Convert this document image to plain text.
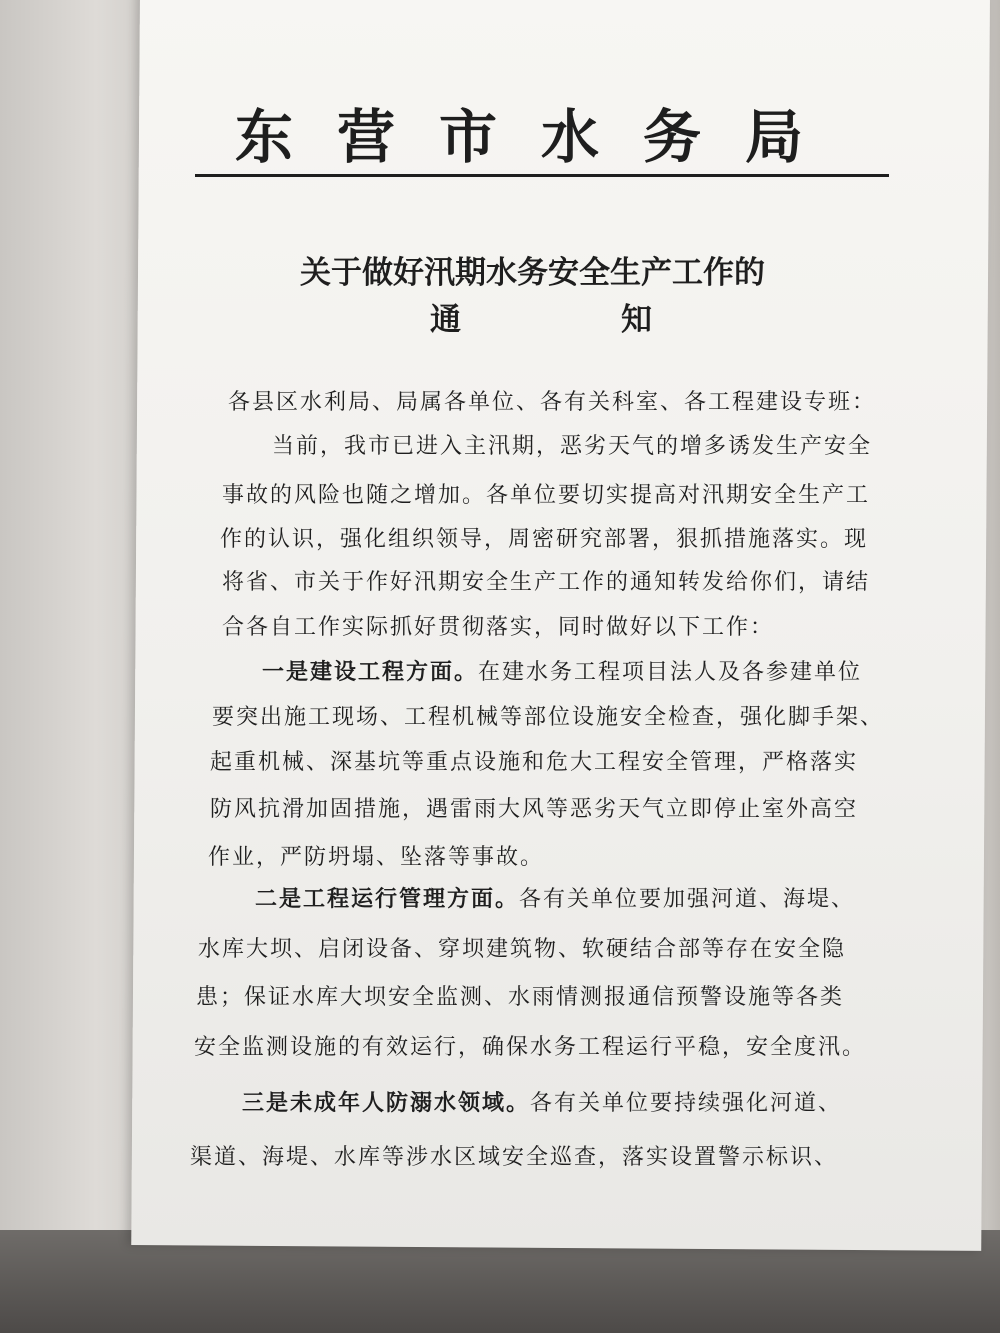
东营市水务局
关于做好汛期水务安全生产工作的
通知
各县区水利局、局属各单位、各有关科室、各工程建设专班：
当前，我市已进入主汛期，恶劣天气的增多诱发生产安全
事故的风险也随之增加。各单位要切实提高对汛期安全生产工
作的认识，强化组织领导，周密研究部署，狠抓措施落实。现
将省、市关于作好汛期安全生产工作的通知转发给你们，请结
合各自工作实际抓好贯彻落实，同时做好以下工作：
一是建设工程方面。在建水务工程项目法人及各参建单位
要突出施工现场、工程机械等部位设施安全检查，强化脚手架、
起重机械、深基坑等重点设施和危大工程安全管理，严格落实
防风抗滑加固措施，遇雷雨大风等恶劣天气立即停止室外高空
作业，严防坍塌、坠落等事故。
二是工程运行管理方面。各有关单位要加强河道、海堤、
水库大坝、启闭设备、穿坝建筑物、软硬结合部等存在安全隐
患；保证水库大坝安全监测、水雨情测报通信预警设施等各类
安全监测设施的有效运行，确保水务工程运行平稳，安全度汛。
三是未成年人防溺水领域。各有关单位要持续强化河道、
渠道、海堤、水库等涉水区域安全巡查，落实设置警示标识、
